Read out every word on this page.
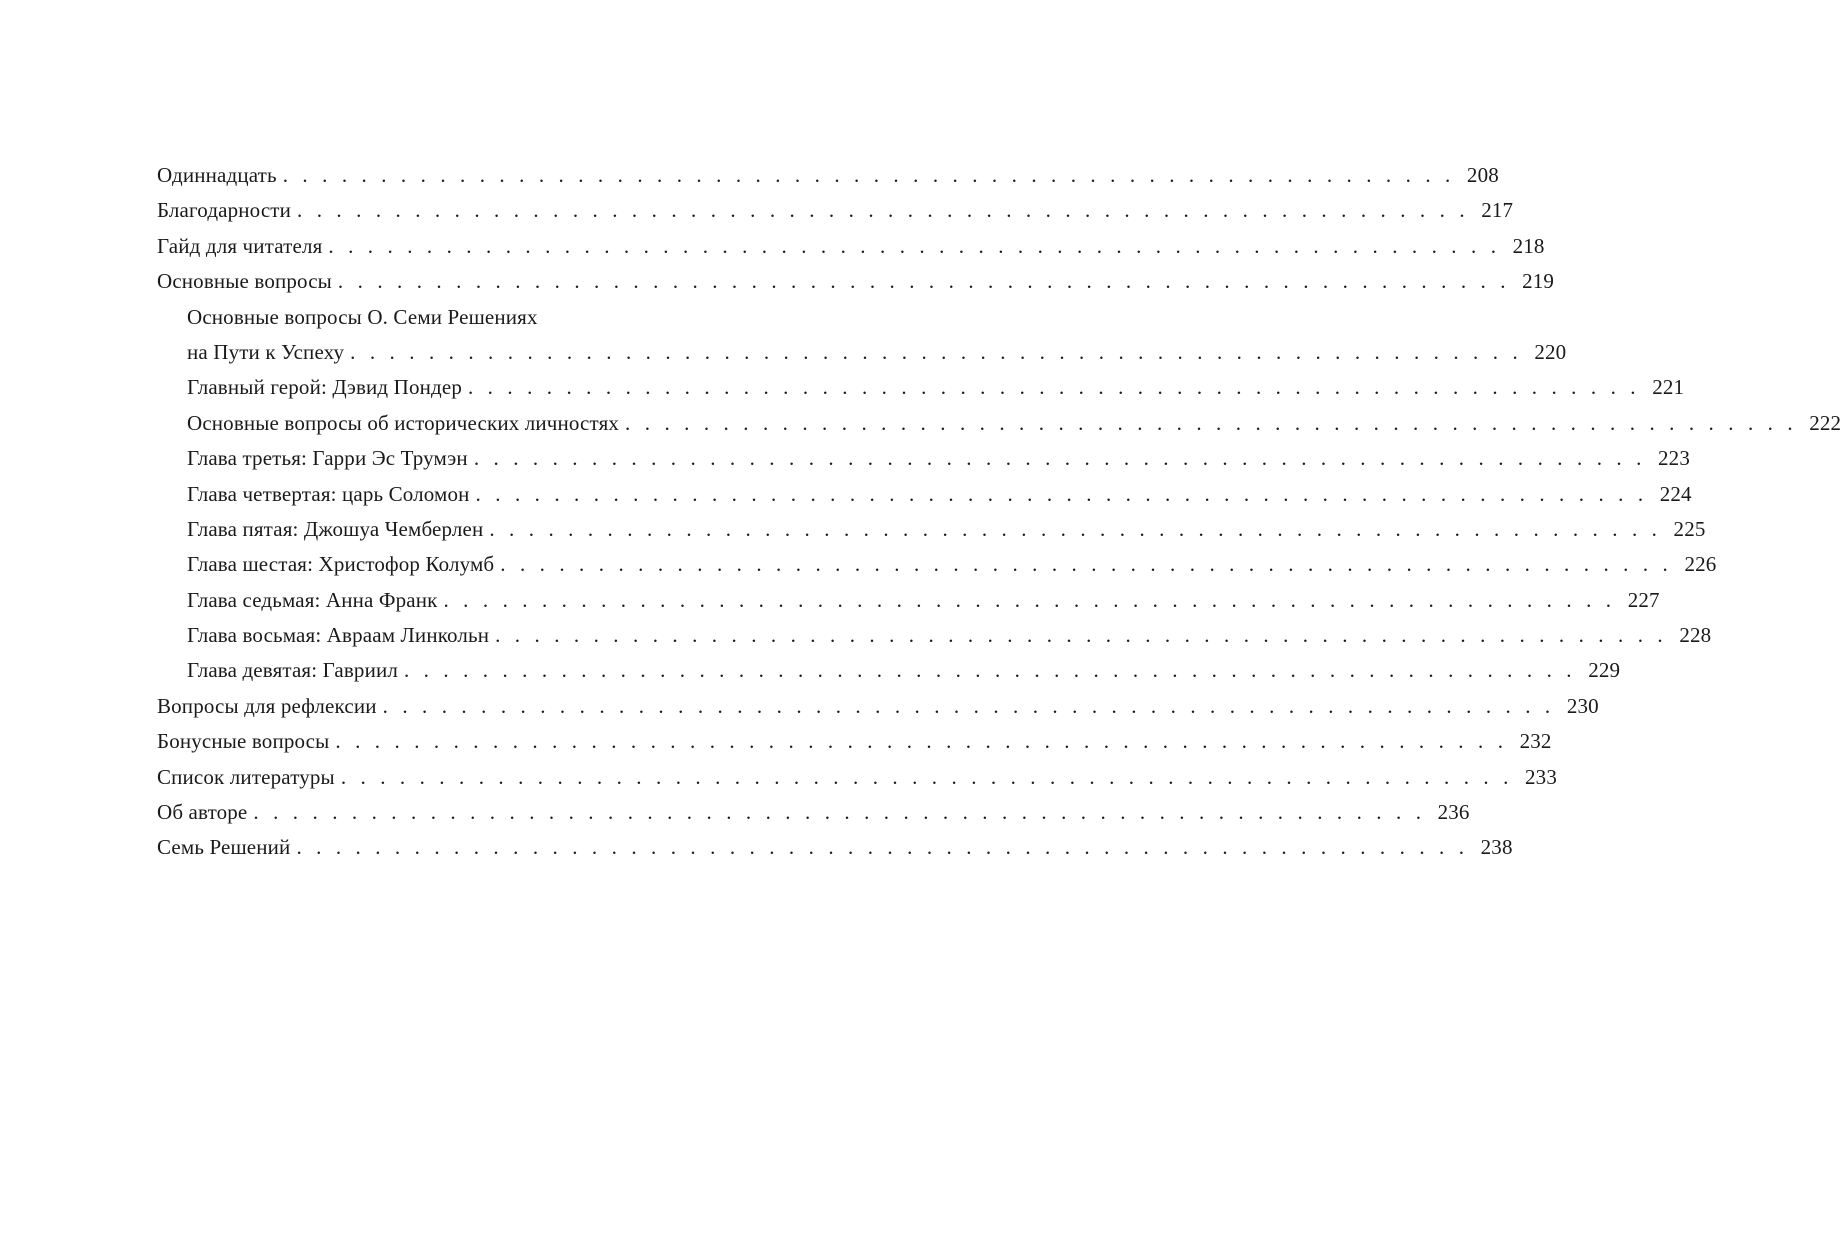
Одиннадцать . . . . . . . . . . . . . . . . . . . . . . . . . . . . . . . . . . . . . . . . . . . . . . . . . . . . . . . . . . . . 208
Благодарности . . . . . . . . . . . . . . . . . . . . . . . . . . . . . . . . . . . . . . . . . . . . . . . . . . . . . . . . . . . . 217
Гайд для читателя . . . . . . . . . . . . . . . . . . . . . . . . . . . . . . . . . . . . . . . . . . . . . . . . . . . . . . . . . . . . 218
Основные вопросы . . . . . . . . . . . . . . . . . . . . . . . . . . . . . . . . . . . . . . . . . . . . . . . . . . . . . . . . . . . . 219
Основные вопросы О. Семи Решениях
на Пути к Успеху . . . . . . . . . . . . . . . . . . . . . . . . . . . . . . . . . . . . . . . . . . . . . . . . . . . . . . . . . . . . 220
Главный герой: Дэвид Пондер . . . . . . . . . . . . . . . . . . . . . . . . . . . . . . . . . . . . . . . . . . . . . . . . . . . . . . . . . . . . 221
Основные вопросы об исторических личностях . . . . . . . . . . . . . . . . . . . . . . . . . . . . . . . . . . . . . . . . . . . . . . . . . . . . . . . . . . . . 222
Глава третья: Гарри Эс Трумэн . . . . . . . . . . . . . . . . . . . . . . . . . . . . . . . . . . . . . . . . . . . . . . . . . . . . . . . . . . . . 223
Глава четвертая: царь Соломон . . . . . . . . . . . . . . . . . . . . . . . . . . . . . . . . . . . . . . . . . . . . . . . . . . . . . . . . . . . . 224
Глава пятая: Джошуа Чемберлен . . . . . . . . . . . . . . . . . . . . . . . . . . . . . . . . . . . . . . . . . . . . . . . . . . . . . . . . . . . . 225
Глава шестая: Христофор Колумб . . . . . . . . . . . . . . . . . . . . . . . . . . . . . . . . . . . . . . . . . . . . . . . . . . . . . . . . . . . . 226
Глава седьмая: Анна Франк . . . . . . . . . . . . . . . . . . . . . . . . . . . . . . . . . . . . . . . . . . . . . . . . . . . . . . . . . . . . 227
Глава восьмая: Авраам Линкольн . . . . . . . . . . . . . . . . . . . . . . . . . . . . . . . . . . . . . . . . . . . . . . . . . . . . . . . . . . . . 228
Глава девятая: Гавриил . . . . . . . . . . . . . . . . . . . . . . . . . . . . . . . . . . . . . . . . . . . . . . . . . . . . . . . . . . . . 229
Вопросы для рефлексии . . . . . . . . . . . . . . . . . . . . . . . . . . . . . . . . . . . . . . . . . . . . . . . . . . . . . . . . . . . . 230
Бонусные вопросы . . . . . . . . . . . . . . . . . . . . . . . . . . . . . . . . . . . . . . . . . . . . . . . . . . . . . . . . . . . . 232
Список литературы . . . . . . . . . . . . . . . . . . . . . . . . . . . . . . . . . . . . . . . . . . . . . . . . . . . . . . . . . . . . 233
Об авторе . . . . . . . . . . . . . . . . . . . . . . . . . . . . . . . . . . . . . . . . . . . . . . . . . . . . . . . . . . . . 236
Семь Решений . . . . . . . . . . . . . . . . . . . . . . . . . . . . . . . . . . . . . . . . . . . . . . . . . . . . . . . . . . . . 238
